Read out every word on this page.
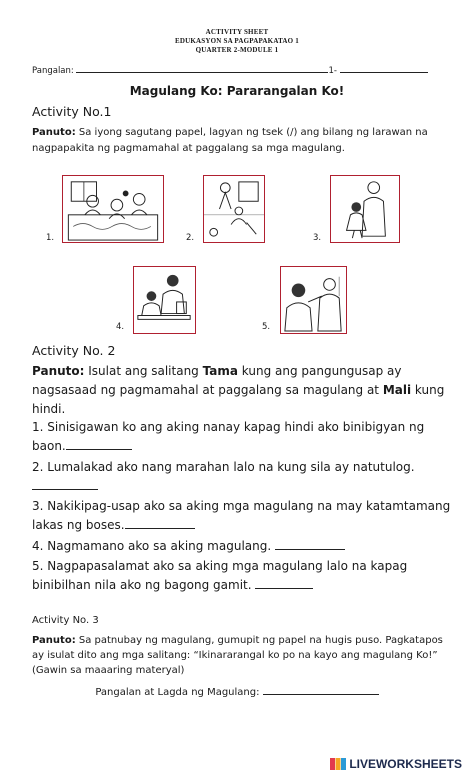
ACTIVITY SHEET
EDUKASYON SA PAGPAPAKATAO 1
QUARTER 2-MODULE 1
Pangalan:	1-
Magulang Ko: Pararangalan Ko!
Activity No.1
Panuto: Sa iyong sagutang papel, lagyan ng tsek (/) ang bilang ng larawan na nagpapakita ng pagmamahal at paggalang sa mga magulang.
1.	2.	3.
4.	5.
Activity No. 2
Panuto: Isulat ang salitang Tama kung ang pangungusap ay nagsasaad ng pagmamahal at paggalang sa magulang at Mali kung hindi.
1. Sinisigawan ko ang aking nanay kapag hindi ako binibigyan ng baon.
2. Lumalakad ako nang marahan lalo na kung sila ay natutulog.

3. Nakikipag-usap ako sa aking mga magulang na may katamtamang lakas ng boses.
4. Nagmamano ako sa aking magulang.
5. Nagpapasalamat ako sa aking mga magulang lalo na kapag binibilhan nila ako ng bagong gamit.
Activity No. 3
Panuto: Sa patnubay ng magulang, gumupit ng papel na hugis puso. Pagkatapos ay isulat dito ang mga salitang: “Ikinararangal ko po na kayo ang magulang Ko!” (Gawin sa maaaring materyal)
Pangalan at Lagda ng Magulang:
LIVEWORKSHEETS
